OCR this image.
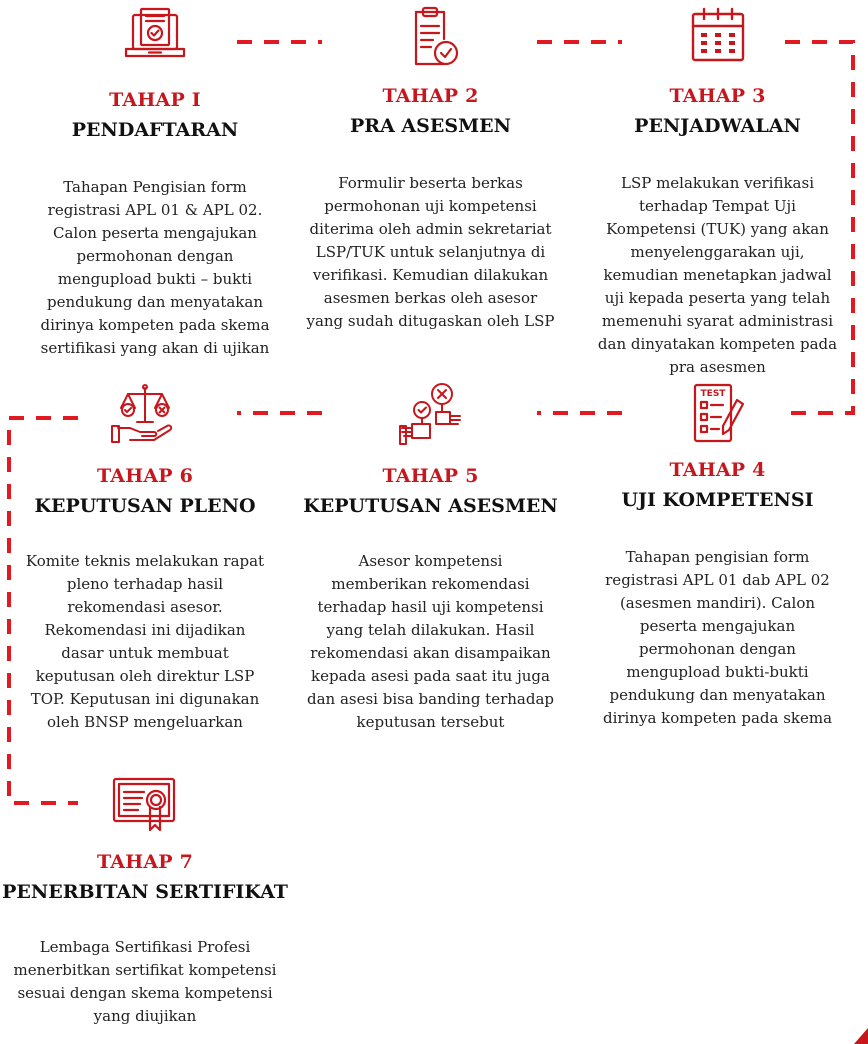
TAHAP I
PENDAFTARAN
Tahapan Pengisian form
registrasi APL 01 & APL 02.
Calon peserta mengajukan
permohonan dengan
mengupload bukti – bukti
pendukung dan menyatakan
dirinya kompeten pada skema
sertifikasi yang akan di ujikan
TAHAP 2
PRA ASESMEN
Formulir beserta berkas
permohonan uji kompetensi
diterima oleh admin sekretariat
LSP/TUK untuk selanjutnya di
verifikasi. Kemudian dilakukan
asesmen berkas oleh asesor
yang sudah ditugaskan oleh LSP
TAHAP 3
PENJADWALAN
LSP melakukan verifikasi
terhadap Tempat Uji
Kompetensi (TUK) yang akan
menyelenggarakan uji,
kemudian menetapkan jadwal
uji kepada peserta yang telah
memenuhi syarat administrasi
dan dinyatakan kompeten pada
pra asesmen
TAHAP 6
KEPUTUSAN PLENO
Komite teknis melakukan rapat
pleno terhadap hasil
rekomendasi asesor.
Rekomendasi ini dijadikan
dasar untuk membuat
keputusan oleh direktur LSP
TOP. Keputusan ini digunakan
oleh BNSP mengeluarkan
TAHAP 5
KEPUTUSAN ASESMEN
Asesor kompetensi
memberikan rekomendasi
terhadap hasil uji kompetensi
yang telah dilakukan. Hasil
rekomendasi akan disampaikan
kepada asesi pada saat itu juga
dan asesi bisa banding terhadap
keputusan tersebut
TEST
TAHAP 4
UJI KOMPETENSI
Tahapan pengisian form
registrasi APL 01 dab APL 02
(asesmen mandiri). Calon
peserta mengajukan
permohonan dengan
mengupload bukti-bukti
pendukung dan menyatakan
dirinya kompeten pada skema
TAHAP 7
PENERBITAN SERTIFIKAT
Lembaga Sertifikasi Profesi
menerbitkan sertifikat kompetensi
sesuai dengan skema kompetensi
yang diujikan
